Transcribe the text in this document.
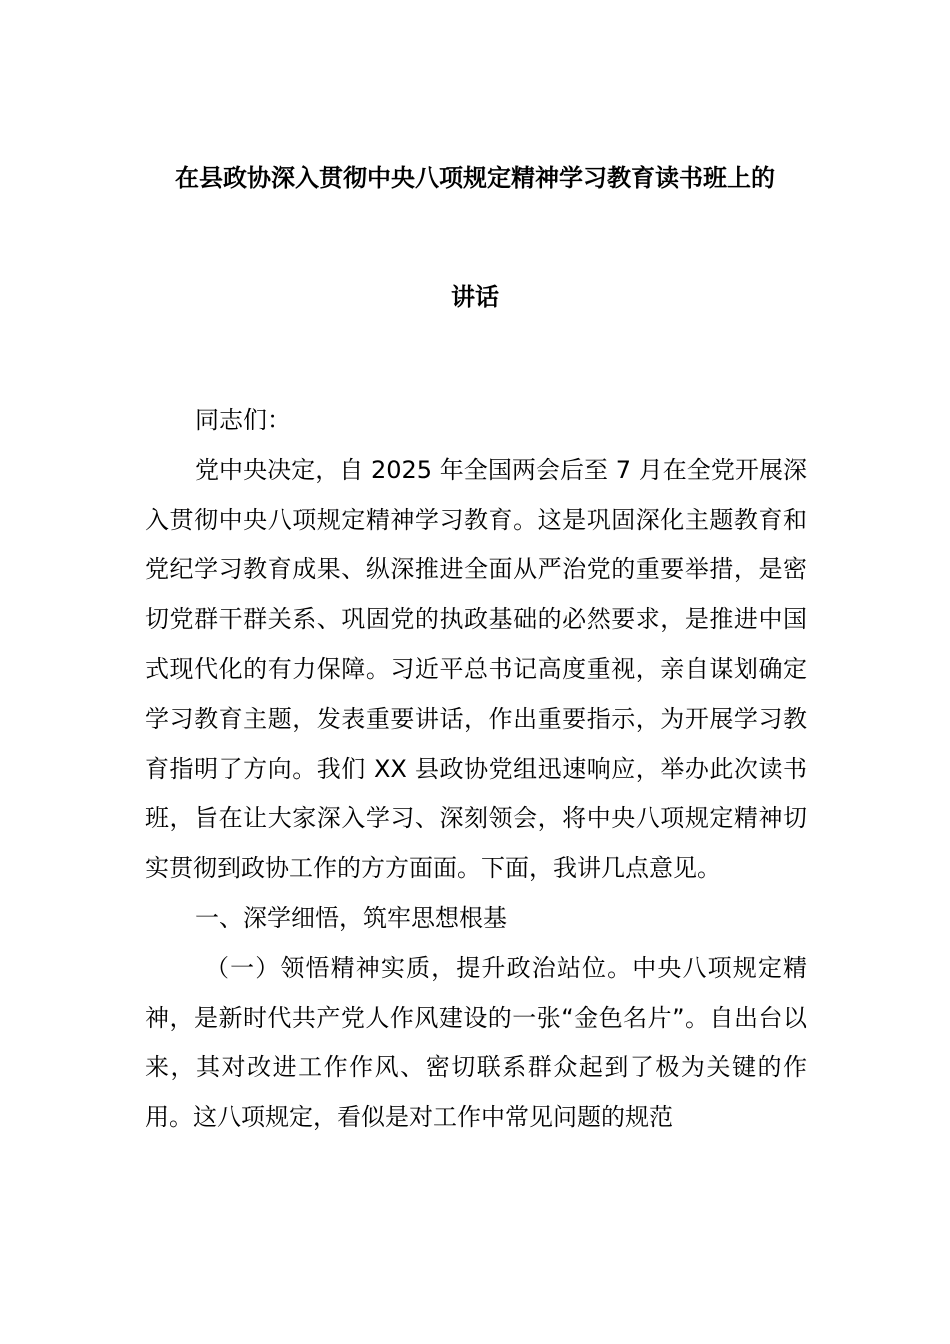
在县政协深入贯彻中央八项规定精神学习教育读书班上的
讲话

同志们：

党中央决定，自 2025 年全国两会后至 7 月在全党开展深入贯彻中央八项规定精神学习教育。这是巩固深化主题教育和党纪学习教育成果、纵深推进全面从严治党的重要举措，是密切党群干群关系、巩固党的执政基础的必然要求，是推进中国式现代化的有力保障。习近平总书记高度重视，亲自谋划确定学习教育主题，发表重要讲话，作出重要指示，为开展学习教育指明了方向。我们 XX 县政协党组迅速响应，举办此次读书班，旨在让大家深入学习、深刻领会，将中央八项规定精神切实贯彻到政协工作的方方面面。下面，我讲几点意见。

一、深学细悟，筑牢思想根基

（一）领悟精神实质，提升政治站位。中央八项规定精神，是新时代共产党人作风建设的一张“金色名片”。自出台以来，其对改进工作作风、密切联系群众起到了极为关键的作用。这八项规定，看似是对工作中常见问题的规范
